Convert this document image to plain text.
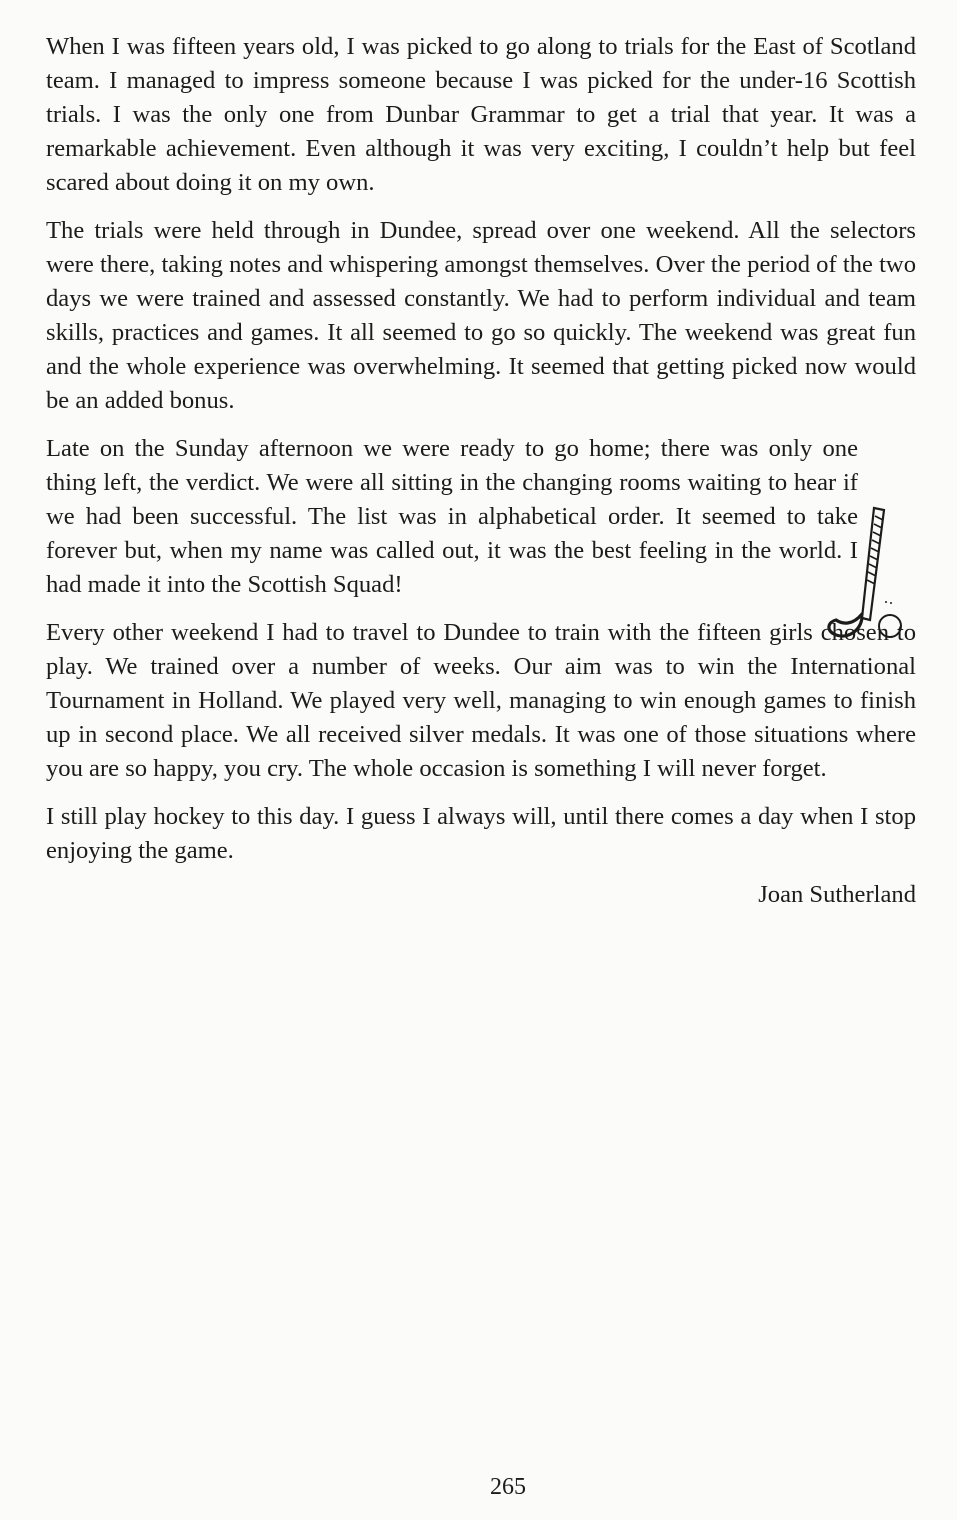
When I was fifteen years old, I was picked to go along to trials for the East of Scotland team. I managed to impress someone because I was picked for the under-16 Scottish trials. I was the only one from Dunbar Grammar to get a trial that year. It was a remarkable achievement. Even although it was very exciting, I couldn’t help but feel scared about doing it on my own.

The trials were held through in Dundee, spread over one weekend. All the selectors were there, taking notes and whispering amongst themselves. Over the period of the two days we were trained and assessed constantly. We had to perform individual and team skills, practices and games. It all seemed to go so quickly. The weekend was great fun and the whole experience was overwhelming. It seemed that getting picked now would be an added bonus.

Late on the Sunday afternoon we were ready to go home; there was only one thing left, the verdict. We were all sitting in the changing rooms waiting to hear if we had been successful. The list was in alphabetical order. It seemed to take forever but, when my name was called out, it was the best feeling in the world. I had made it into the Scottish Squad!

Every other weekend I had to travel to Dundee to train with the fifteen girls chosen to play. We trained over a number of weeks. Our aim was to win the International Tournament in Holland. We played very well, managing to win enough games to finish up in second place. We all received silver medals. It was one of those situations where you are so happy, you cry. The whole occasion is something I will never forget.

I still play hockey to this day. I guess I always will, until there comes a day when I stop enjoying the game.

Joan Sutherland
265
